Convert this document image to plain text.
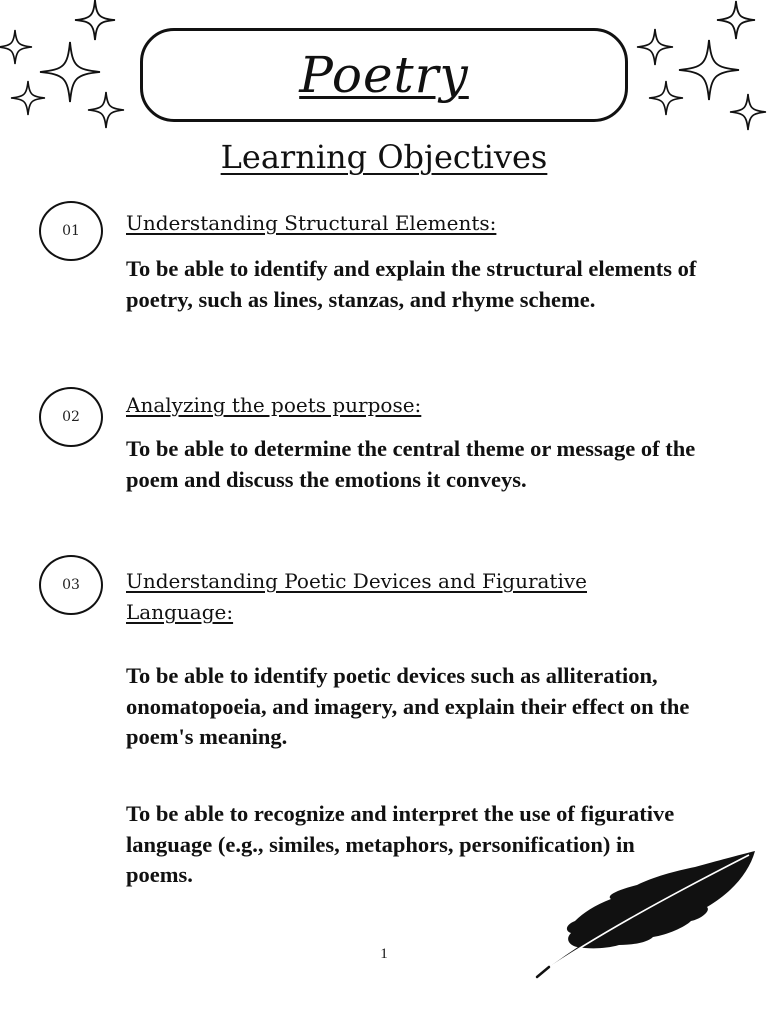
Poetry
Learning Objectives
01	Understanding Structural Elements:
To be able to identify and explain the structural elements of poetry, such as lines, stanzas, and rhyme scheme.
02	Analyzing the poets purpose:
To be able to determine the central theme or message of the poem and discuss the emotions it conveys.
03	Understanding Poetic Devices and Figurative Language:
To be able to identify poetic devices such as alliteration, onomatopoeia, and imagery, and explain their effect on the poem's meaning.
To be able to recognize and interpret the use of figurative language (e.g., similes, metaphors, personification) in poems.
1
